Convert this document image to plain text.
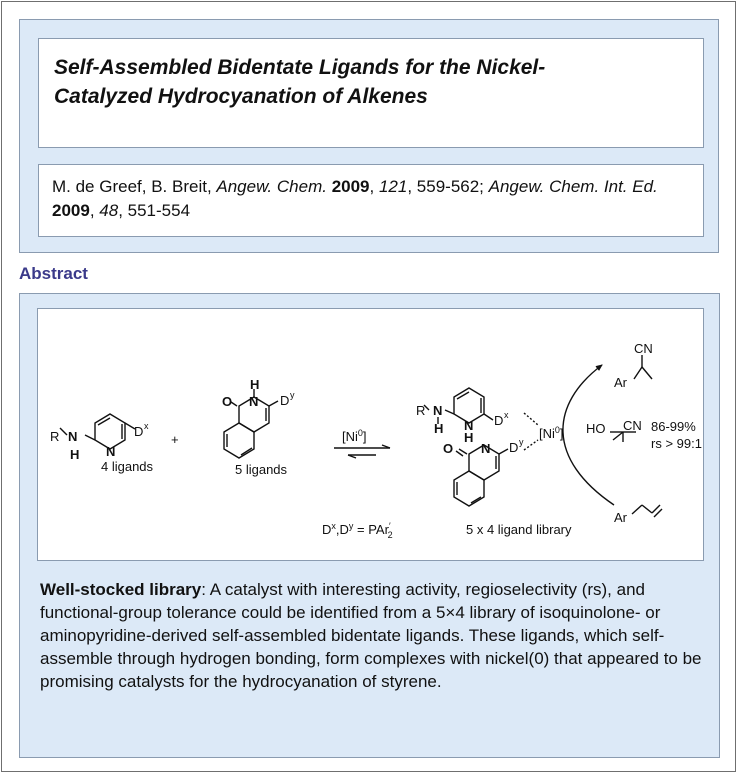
Self-Assembled Bidentate Ligands for the Nickel-
Catalyzed Hydrocyanation of Alkenes
M. de Greef, B. Breit, Angew. Chem. 2009, 121, 559-562; Angew. Chem. Int. Ed. 2009, 48, 551-554
Abstract
R N
H N
D x
4 ligands
+
O N
H
D y
5 ligands
[Ni$^0$]
R N
N D x
H
H
O N D y
[Ni$^0$]
$D^x,D^y = PAr'$ 2	5 x 4 ligand library
CN
Ar
HO CN 86-99%
rs > 99:1
Ar
Well-stocked library: A catalyst with interesting activity, regioselectivity (rs), and functional-group tolerance could be identified from a 5×4 library of isoquinolone- or aminopyridine-derived self-assembled bidentate ligands. These ligands, which self-assemble through hydrogen bonding, form complexes with nickel(0) that appeared to be promising catalysts for the hydrocyanation of styrene.
